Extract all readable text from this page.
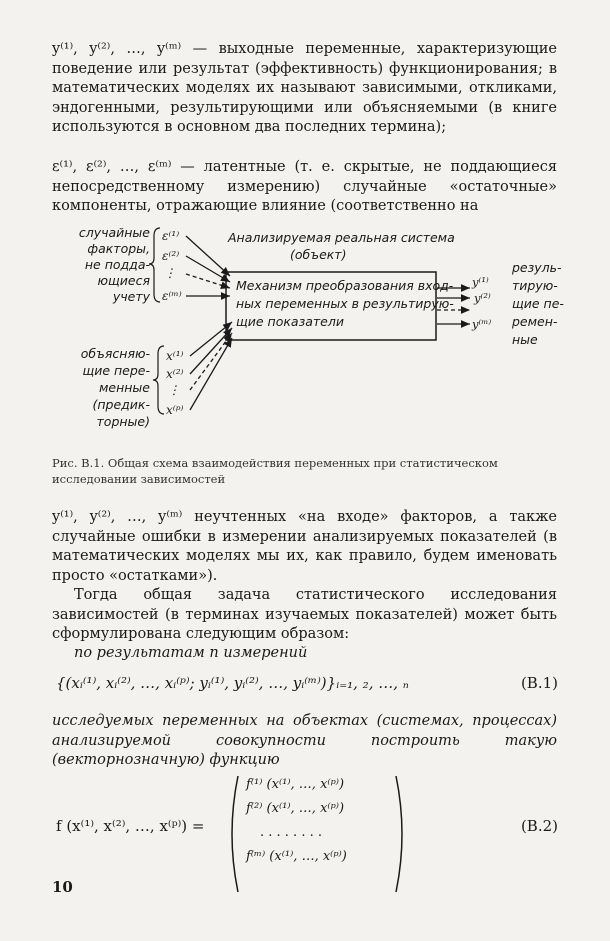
y⁽¹⁾, y⁽²⁾, …, y⁽ᵐ⁾ — выходные переменные, характеризующие поведение или результат (эффективность) функционирования; в математических моделях их называют зависимыми, откликами, эндогенными, результирующими или объясняемыми (в книге используются в основном два последних термина);

ε⁽¹⁾, ε⁽²⁾, …, ε⁽ᵐ⁾ — латентные (т. е. скрытые, не поддающиеся непосредственному измерению) случайные «остаточные» компоненты, отражающие влияние (соответственно на

Анализируемая реальная система
(объект)
Механизм преобразования вход-
ных переменных в результирую-
щие показатели
случайные
факторы,
не подда-
ющиеся
учету
ε⁽¹⁾
ε⁽²⁾
⋮
ε⁽ᵐ⁾
объясняю-
щие пере-
менные
(предик-
торные)
x⁽¹⁾
x⁽²⁾
⋮
x⁽ᵖ⁾
y⁽¹⁾
y⁽²⁾
y⁽ᵐ⁾
резуль-
тирую-
щие пе-
ремен-
ные
Рис. В.1. Общая схема взаимодействия переменных при статистическом исследовании зависимостей

y⁽¹⁾, y⁽²⁾, …, y⁽ᵐ⁾ неучтенных «на входе» факторов, а также случайные ошибки в измерении анализируемых показателей (в математических моделях мы их, как правило, будем именовать просто «остатками»).

Тогда общая задача статистического исследования зависимостей (в терминах изучаемых показателей) может быть сформулирована следующим образом:

по результатам n измерений

{(xᵢ⁽¹⁾, xᵢ⁽²⁾, …, xᵢ⁽ᵖ⁾; yᵢ⁽¹⁾, yᵢ⁽²⁾, …, yᵢ⁽ᵐ⁾)}ᵢ₌₁, ₂, …, ₙ	(В.1)

исследуемых переменных на объектах (системах, процессах) анализируемой совокупности построить такую (векторнозначную) функцию

f (x⁽¹⁾, x⁽²⁾, …, x⁽ᵖ⁾) =
f⁽¹⁾ (x⁽¹⁾, …, x⁽ᵖ⁾)
f⁽²⁾ (x⁽¹⁾, …, x⁽ᵖ⁾)
. . . . . . . .
f⁽ᵐ⁾ (x⁽¹⁾, …, x⁽ᵖ⁾)
(В.2)
10
